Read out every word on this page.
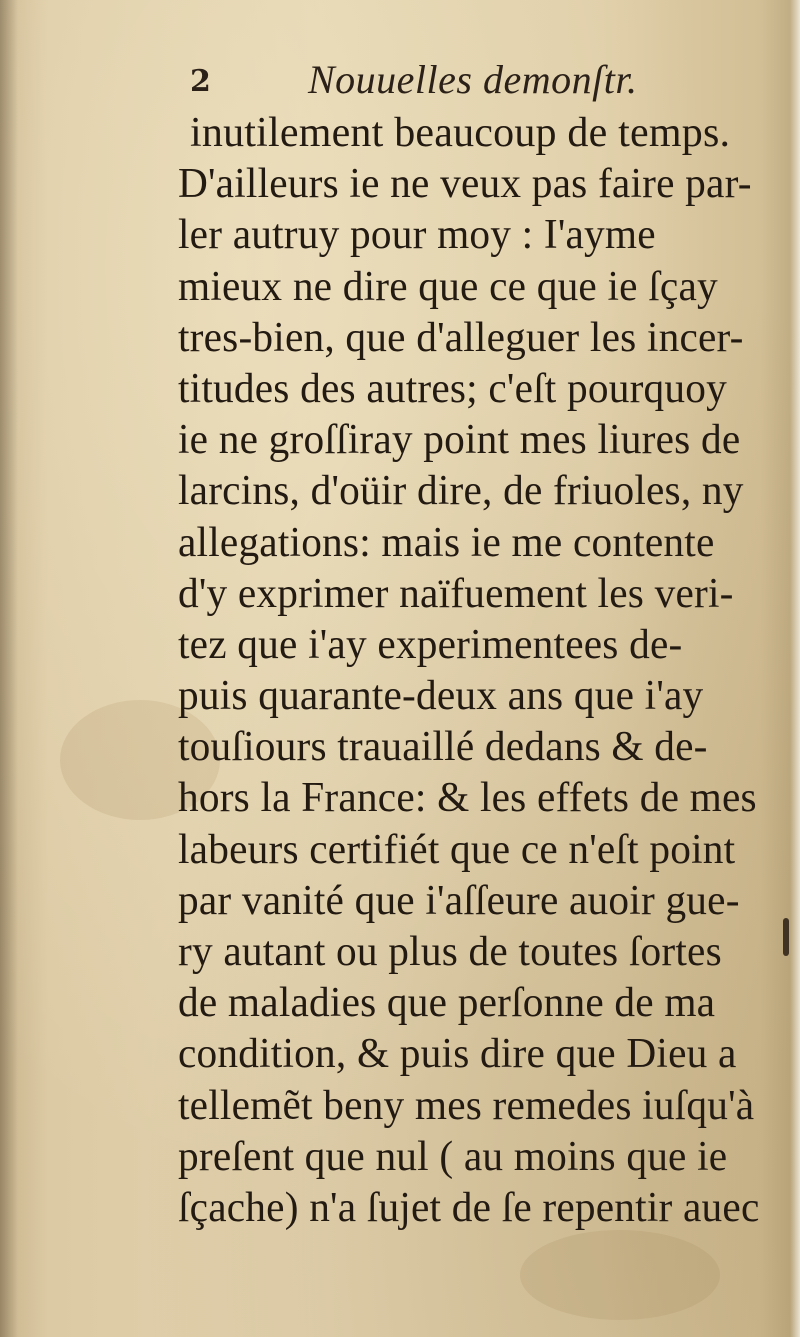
2 Nouuelles demonſtr.
inutilement beaucoup de temps.
D'ailleurs ie ne veux pas faire par-
ler autruy pour moy : I'ayme
mieux ne dire que ce que ie ſçay
tres-bien, que d'alleguer les incer-
titudes des autres; c'eſt pourquoy
ie ne groſſiray point mes liures de
larcins, d'oüir dire, de friuoles, ny
allegations: mais ie me contente
d'y exprimer naïfuement les veri-
tez que i'ay experimentees de-
puis quarante-deux ans que i'ay
touſiours trauaillé dedans & de-
hors la France: & les effets de mes
labeurs certifiét que ce n'eſt point
par vanité que i'aſſeure auoir gue-
ry autant ou plus de toutes ſortes
de maladies que perſonne de ma
condition, & puis dire que Dieu a
tellemẽt beny mes remedes iuſqu'à
preſent que nul ( au moins que ie
ſçache) n'a ſujet de ſe repentir auec
